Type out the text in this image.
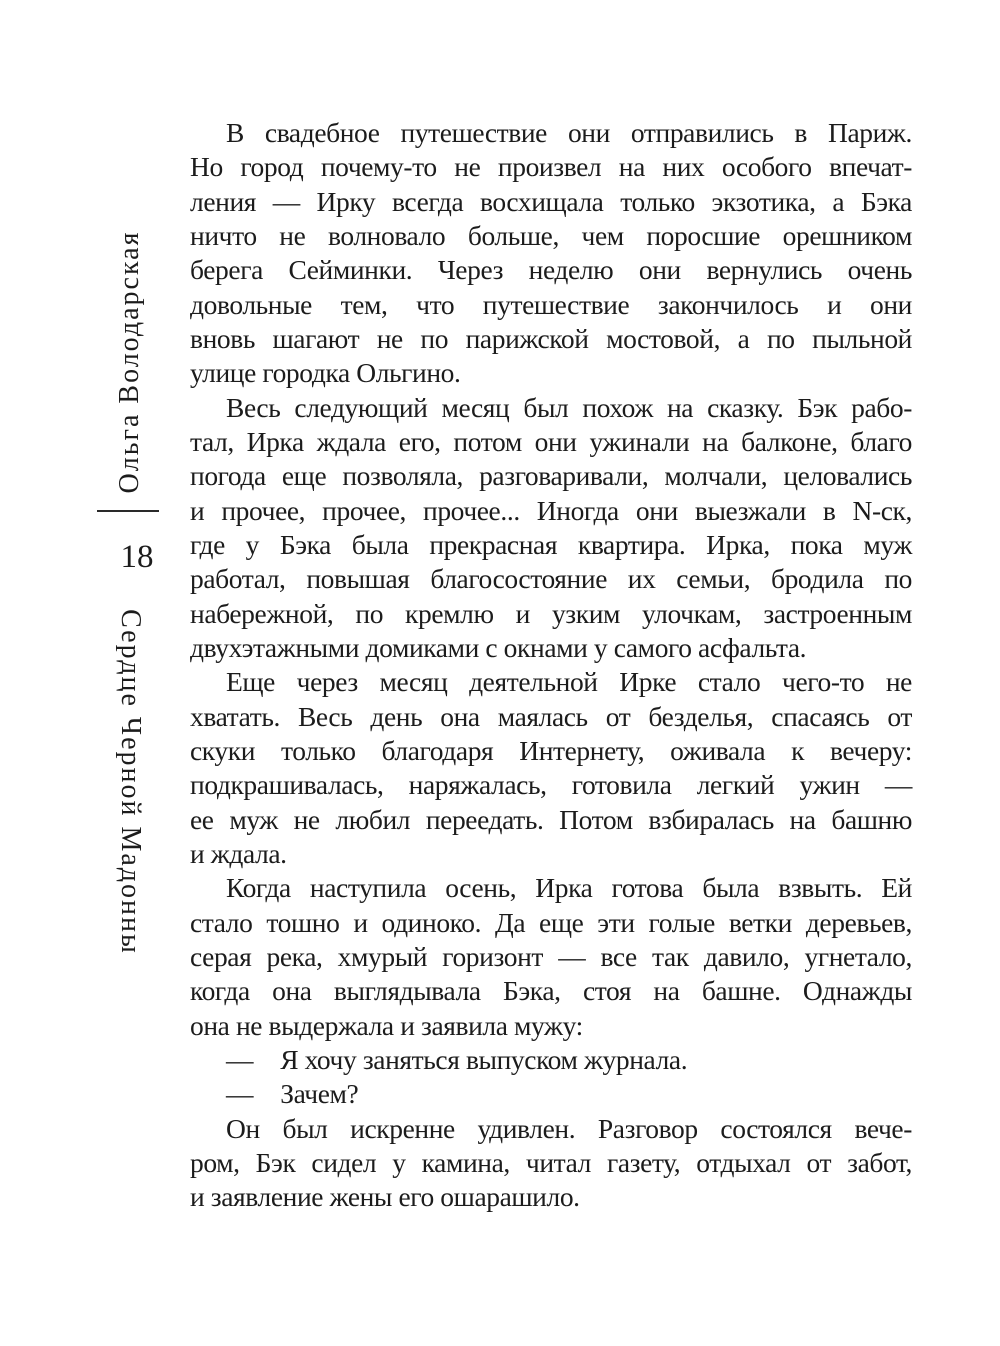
Ольга Володарская
18
Сердце Черной Мадонны
В свадебное путешествие они отправились в Париж.
Но город почему-то не произвел на них особого впечат-
ления — Ирку всегда восхищала только экзотика, а Бэка
ничто не волновало больше, чем поросшие орешником
берега Сейминки. Через неделю они вернулись очень
довольные тем, что путешествие закончилось и они
вновь шагают не по парижской мостовой, а по пыльной
улице городка Ольгино.
Весь следующий месяц был похож на сказку. Бэк рабо-
тал, Ирка ждала его, потом они ужинали на балконе, благо
погода еще позволяла, разговаривали, молчали, целовались
и прочее, прочее, прочее... Иногда они выезжали в N-ск,
где у Бэка была прекрасная квартира. Ирка, пока муж
работал, повышая благосостояние их семьи, бродила по
набережной, по кремлю и узким улочкам, застроенным
двухэтажными домиками с окнами у самого асфальта.
Еще через месяц деятельной Ирке стало чего-то не
хватать. Весь день она маялась от безделья, спасаясь от
скуки только благодаря Интернету, оживала к вечеру:
подкрашивалась, наряжалась, готовила легкий ужин —
ее муж не любил переедать. Потом взбиралась на башню
и ждала.
Когда наступила осень, Ирка готова была взвыть. Ей
стало тошно и одиноко. Да еще эти голые ветки деревьев,
серая река, хмурый горизонт — все так давило, угнетало,
когда она выглядывала Бэка, стоя на башне. Однажды
она не выдержала и заявила мужу:
— Я хочу заняться выпуском журнала.
— Зачем?
Он был искренне удивлен. Разговор состоялся вече-
ром, Бэк сидел у камина, читал газету, отдыхал от забот,
и заявление жены его ошарашило.
